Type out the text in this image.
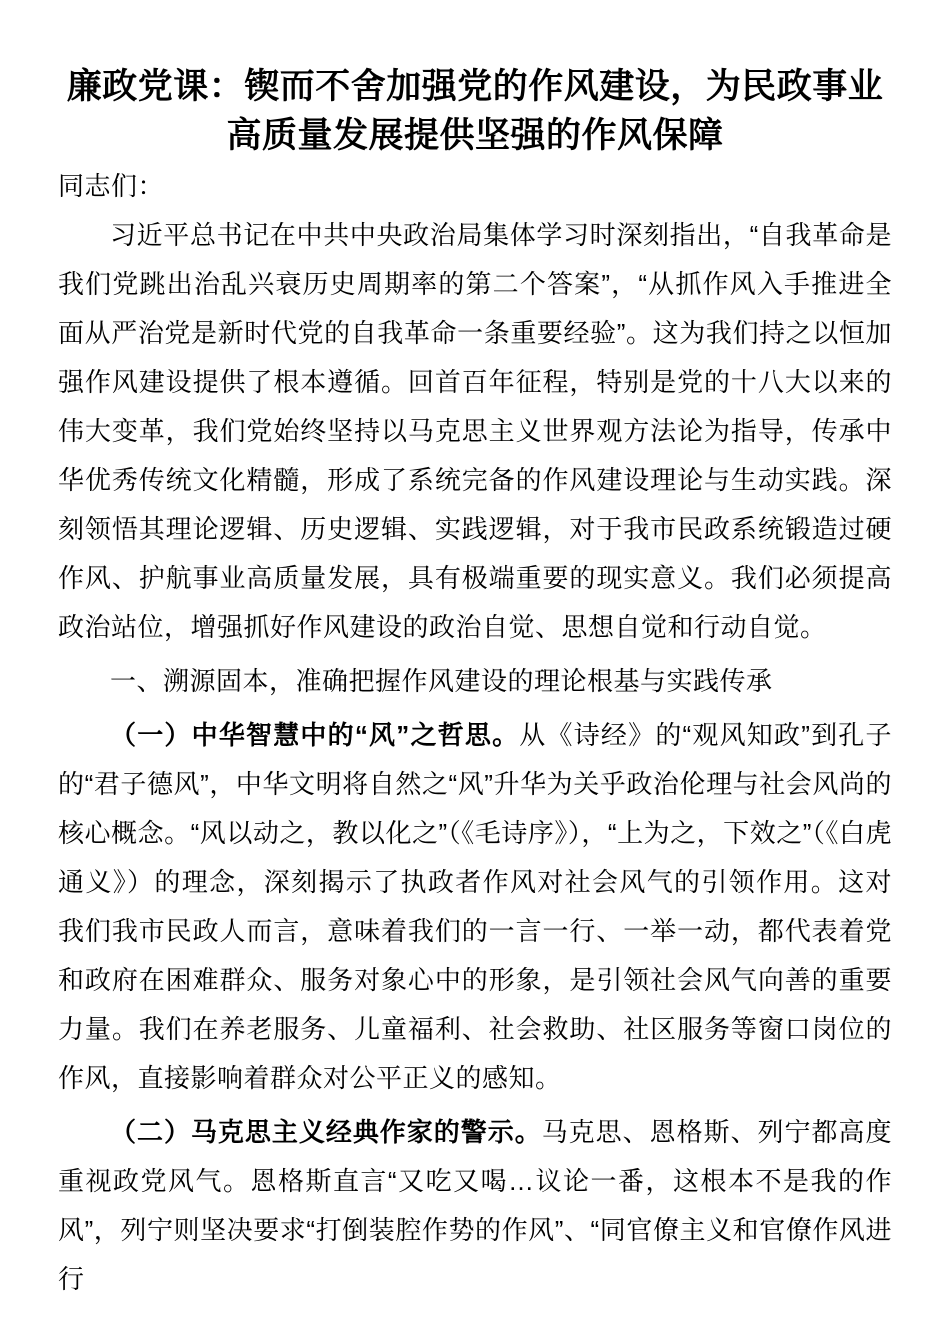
廉政党课：锲而不舍加强党的作风建设，为民政事业
高质量发展提供坚强的作风保障

同志们：

习近平总书记在中共中央政治局集体学习时深刻指出，“自我革命是我们党跳出治乱兴衰历史周期率的第二个答案”，“从抓作风入手推进全面从严治党是新时代党的自我革命一条重要经验”。这为我们持之以恒加强作风建设提供了根本遵循。回首百年征程，特别是党的十八大以来的伟大变革，我们党始终坚持以马克思主义世界观方法论为指导，传承中华优秀传统文化精髓，形成了系统完备的作风建设理论与生动实践。深刻领悟其理论逻辑、历史逻辑、实践逻辑，对于我市民政系统锻造过硬作风、护航事业高质量发展，具有极端重要的现实意义。我们必须提高政治站位，增强抓好作风建设的政治自觉、思想自觉和行动自觉。

一、溯源固本，准确把握作风建设的理论根基与实践传承

（一）中华智慧中的“风”之哲思。从《诗经》的“观风知政”到孔子的“君子德风”，中华文明将自然之“风”升华为关乎政治伦理与社会风尚的核心概念。“风以动之，教以化之”（《毛诗序》），“上为之，下效之”（《白虎通义》）的理念，深刻揭示了执政者作风对社会风气的引领作用。这对我们我市民政人而言，意味着我们的一言一行、一举一动，都代表着党和政府在困难群众、服务对象心中的形象，是引领社会风气向善的重要力量。我们在养老服务、儿童福利、社会救助、社区服务等窗口岗位的作风，直接影响着群众对公平正义的感知。

（二）马克思主义经典作家的警示。马克思、恩格斯、列宁都高度重视政党风气。恩格斯直言“又吃又喝…议论一番，这根本不是我的作风”，列宁则坚决要求“打倒装腔作势的作风”、“同官僚主义和官僚作风进行
